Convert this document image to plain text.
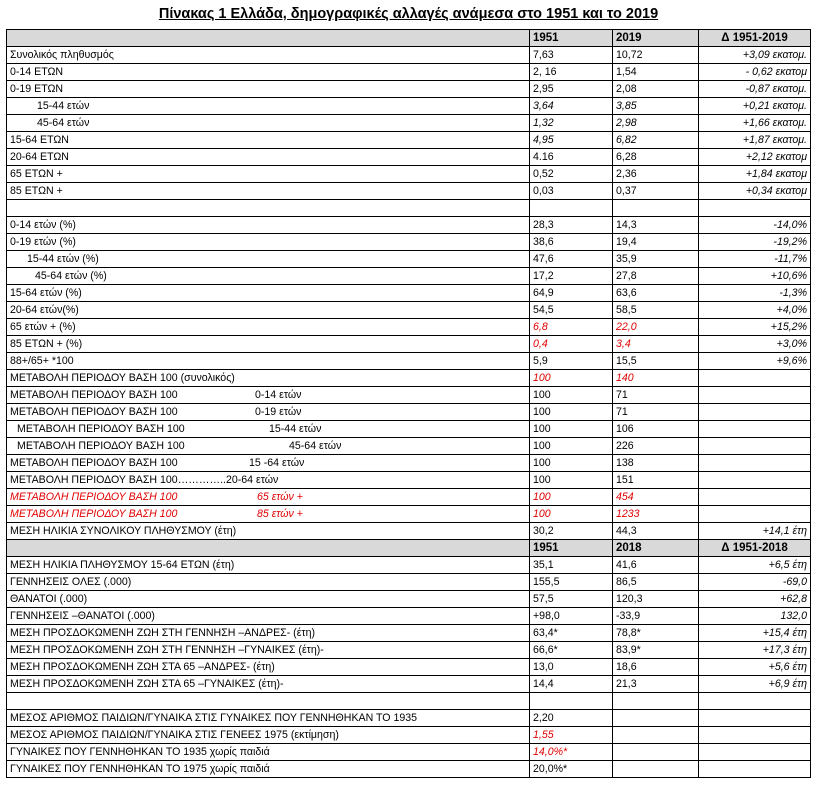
Πίνακας 1 Ελλάδα, δημογραφικές αλλαγές ανάμεσα στο 1951 και το 2019
	1951	2019	Δ 1951-2019
Συνολικός πληθυσμός	7,63	10,72	+3,09 εκατομ.
0-14 ΕΤΩΝ	2, 16	1,54	- 0,62 εκατομ
0-19 ΕΤΩΝ	2,95	2,08	-0,87 εκατομ.
15-44 ετών	3,64	3,85	+0,21 εκατομ.
45-64 ετών	1,32	2,98	+1,66 εκατομ.
15-64 ΕΤΩΝ	4,95	6,82	+1,87 εκατομ.
20-64 ΕΤΩΝ	4.16	6,28	+2,12 εκατομ
65 ΕΤΩΝ +	0,52	2,36	+1,84 εκατομ
85 ΕΤΩΝ +	0,03	0,37	+0,34 εκατομ

0-14 ετών (%)	28,3	14,3	-14,0%
0-19 ετών (%)	38,6	19,4	-19,2%
15-44 ετών (%)	47,6	35,9	-11,7%
45-64 ετών (%)	17,2	27,8	+10,6%
15-64 ετών (%)	64,9	63,6	-1,3%
20-64 ετών(%)	54,5	58,5	+4,0%
65 ετών + (%)	6,8	22,0	+15,2%
85 ΕΤΩΝ + (%)	0,4	3,4	+3,0%
88+/65+ *100	5,9	15,5	+9,6%
ΜΕΤΑΒΟΛΗ ΠΕΡΙΟΔΟΥ ΒΑΣΗ 100 (συνολικός)	100	140	
ΜΕΤΑΒΟΛΗ ΠΕΡΙΟΔΟΥ ΒΑΣΗ 100 0-14 ετών	100	71	
ΜΕΤΑΒΟΛΗ ΠΕΡΙΟΔΟΥ ΒΑΣΗ 100 0-19 ετών	100	71	
ΜΕΤΑΒΟΛΗ ΠΕΡΙΟΔΟΥ ΒΑΣΗ 100 15-44 ετών	100	106	
ΜΕΤΑΒΟΛΗ ΠΕΡΙΟΔΟΥ ΒΑΣΗ 100 45-64 ετών	100	226	
ΜΕΤΑΒΟΛΗ ΠΕΡΙΟΔΟΥ ΒΑΣΗ 100 15 -64 ετών	100	138	
ΜΕΤΑΒΟΛΗ ΠΕΡΙΟΔΟΥ ΒΑΣΗ 100…………..20-64 ετών	100	151	
ΜΕΤΑΒΟΛΗ ΠΕΡΙΟΔΟΥ ΒΑΣΗ 100 65 ετών +	100	454	
ΜΕΤΑΒΟΛΗ ΠΕΡΙΟΔΟΥ ΒΑΣΗ 100 85 ετών +	100	1233	
ΜΕΣΗ ΗΛΙΚΙΑ ΣΥΝΟΛΙΚΟΥ ΠΛΗΘΥΣΜΟΥ (έτη)	30,2	44,3	+14,1 έτη
	1951	2018	Δ 1951-2018
ΜΕΣΗ ΗΛΙΚΙΑ ΠΛΗΘΥΣΜΟΥ 15-64 ΕΤΩΝ (έτη)	35,1	41,6	+6,5 έτη
ΓΕΝΝΗΣΕΙΣ ΟΛΕΣ (.000)	155,5	86,5	-69,0
ΘΑΝΑΤΟΙ (.000)	57,5	120,3	+62,8
ΓΕΝΝΗΣΕΙΣ –ΘΑΝΑΤΟΙ (.000)	+98,0	-33,9	132,0
ΜΕΣΗ ΠΡΟΣΔΟΚΩΜΕΝΗ ΖΩΗ ΣΤΗ ΓΕΝΝΗΣΗ –ΑΝΔΡΕΣ- (έτη)	63,4*	78,8*	+15,4 έτη
ΜΕΣΗ ΠΡΟΣΔΟΚΩΜΕΝΗ ΖΩΗ ΣΤΗ ΓΕΝΝΗΣΗ –ΓΥΝΑΙΚΕΣ (έτη)-	66,6*	83,9*	+17,3 έτη
ΜΕΣΗ ΠΡΟΣΔΟΚΩΜΕΝΗ ΖΩΗ ΣΤΑ 65 –ΑΝΔΡΕΣ- (έτη)	13,0	18,6	+5,6 έτη
ΜΕΣΗ ΠΡΟΣΔΟΚΩΜΕΝΗ ΖΩΗ ΣΤΑ 65 –ΓΥΝΑΙΚΕΣ (έτη)-	14,4	21,3	+6,9 έτη

ΜΕΣΟΣ ΑΡΙΘΜΟΣ ΠΑΙΔΙΩΝ/ΓΥΝΑΙΚΑ ΣΤΙΣ ΓΥΝΑΙΚΕΣ ΠΟΥ ΓΕΝΝΗΘΗΚΑΝ ΤΟ 1935	2,20		
ΜΕΣΟΣ ΑΡΙΘΜΟΣ ΠΑΙΔΙΩΝ/ΓΥΝΑΙΚΑ ΣΤΙΣ ΓΕΝΕΕΣ 1975 (εκτίμηση)	1,55		
ΓΥΝΑΙΚΕΣ ΠΟΥ ΓΕΝΝΗΘΗΚΑΝ ΤΟ 1935 χωρίς παιδιά	14,0%*		
ΓΥΝΑΙΚΕΣ ΠΟΥ ΓΕΝΝΗΘΗΚΑΝ ΤΟ 1975 χωρίς παιδιά	20,0%*		
